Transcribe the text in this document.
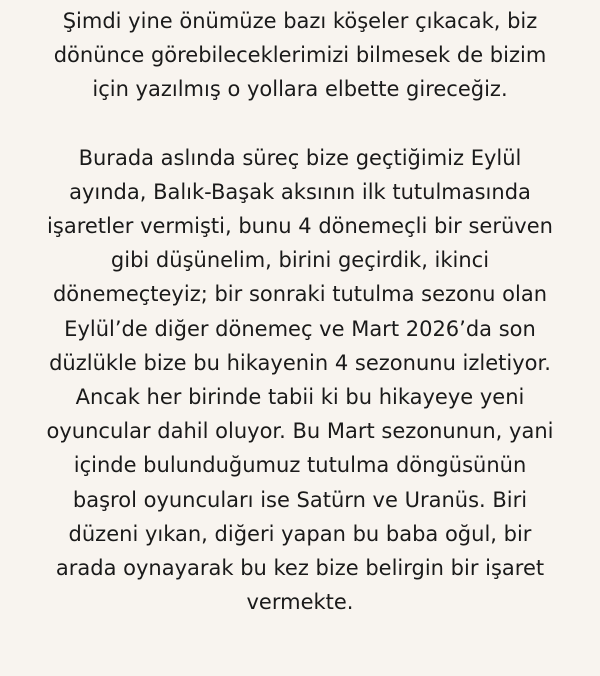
Şimdi yine önümüze bazı köşeler çıkacak, biz
dönünce görebileceklerimizi bilmesek de bizim
için yazılmış o yollara elbette gireceğiz.

Burada aslında süreç bize geçtiğimiz Eylül
ayında, Balık-Başak aksının ilk tutulmasında
işaretler vermişti, bunu 4 dönemeçli bir serüven
gibi düşünelim, birini geçirdik, ikinci
dönemeçteyiz; bir sonraki tutulma sezonu olan
Eylül’de diğer dönemeç ve Mart 2026’da son
düzlükle bize bu hikayenin 4 sezonunu izletiyor.
Ancak her birinde tabii ki bu hikayeye yeni
oyuncular dahil oluyor. Bu Mart sezonunun, yani
içinde bulunduğumuz tutulma döngüsünün
başrol oyuncuları ise Satürn ve Uranüs. Biri
düzeni yıkan, diğeri yapan bu baba oğul, bir
arada oynayarak bu kez bize belirgin bir işaret
vermekte.
